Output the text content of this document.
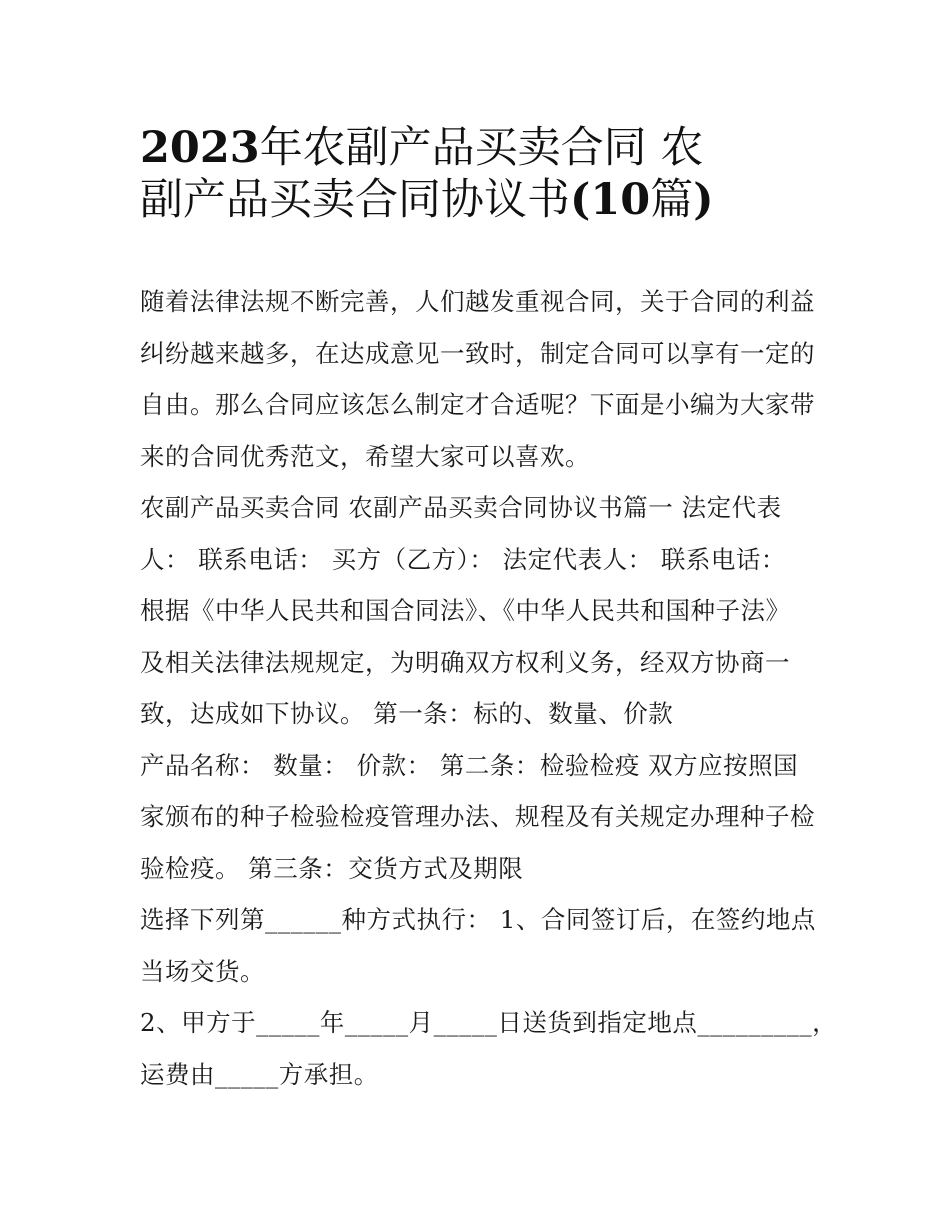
2023年农副产品买卖合同 农
副产品买卖合同协议书(10篇)
随着法律法规不断完善，人们越发重视合同，关于合同的利益
纠纷越来越多，在达成意见一致时，制定合同可以享有一定的
自由。那么合同应该怎么制定才合适呢？下面是小编为大家带
来的合同优秀范文，希望大家可以喜欢。
农副产品买卖合同 农副产品买卖合同协议书篇一 法定代表
人： 联系电话： 买方（乙方）： 法定代表人： 联系电话：
根据《中华人民共和国合同法》、《中华人民共和国种子法》
及相关法律法规规定，为明确双方权利义务，经双方协商一
致，达成如下协议。 第一条：标的、数量、价款
产品名称： 数量： 价款： 第二条：检验检疫 双方应按照国
家颁布的种子检验检疫管理办法、规程及有关规定办理种子检
验检疫。 第三条：交货方式及期限
选择下列第______种方式执行： 1、合同签订后，在签约地点
当场交货。
2、甲方于_____年_____月_____日送货到指定地点_________，
运费由_____方承担。
